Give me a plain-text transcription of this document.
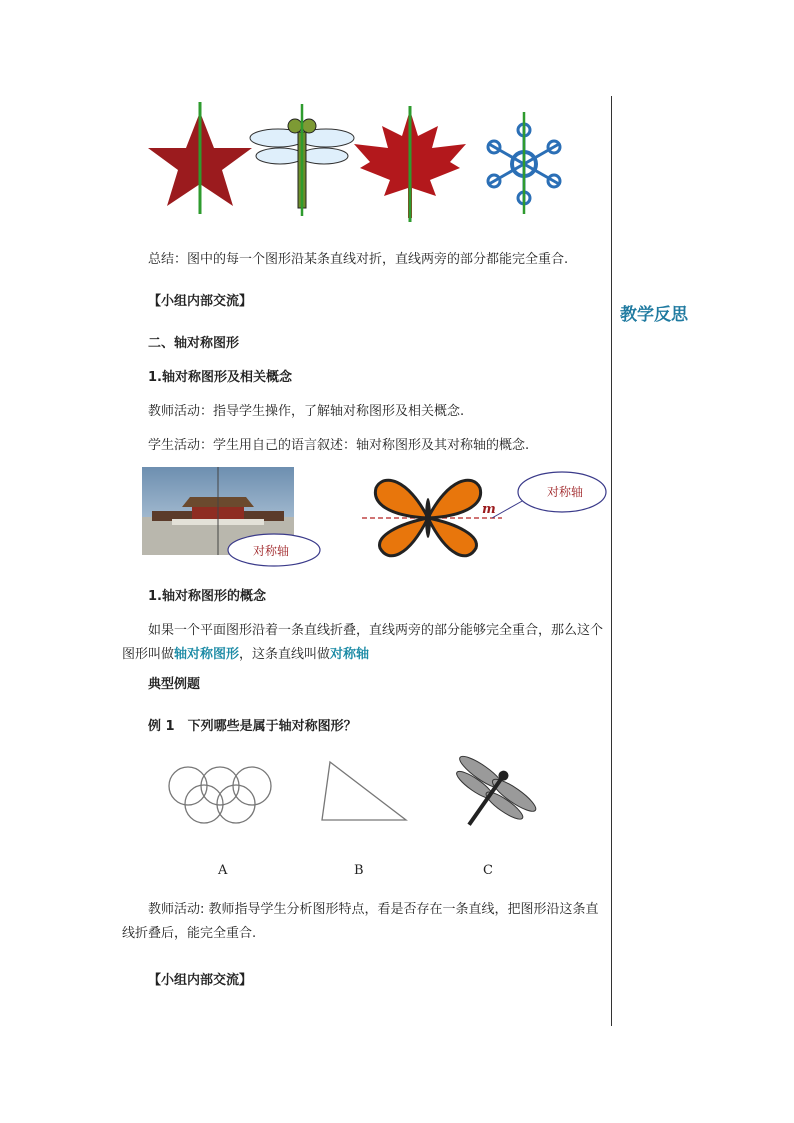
教学反思
总结：图中的每一个图形沿某条直线对折，直线两旁的部分都能完全重合.
【小组内部交流】
二、轴对称图形
1.轴对称图形及相关概念
教师活动：指导学生操作，了解轴对称图形及相关概念.
学生活动：学生用自己的语言叙述：轴对称图形及其对称轴的概念.
对称轴
m
对称轴
1.轴对称图形的概念
如果一个平面图形沿着一条直线折叠，直线两旁的部分能够完全重合，那么这个图形叫做轴对称图形，这条直线叫做对称轴
典型例题
例 1　下列哪些是属于轴对称图形？
A	B	C
教师活动: 教师指导学生分析图形特点，看是否存在一条直线，把图形沿这条直线折叠后，能完全重合.
【小组内部交流】
